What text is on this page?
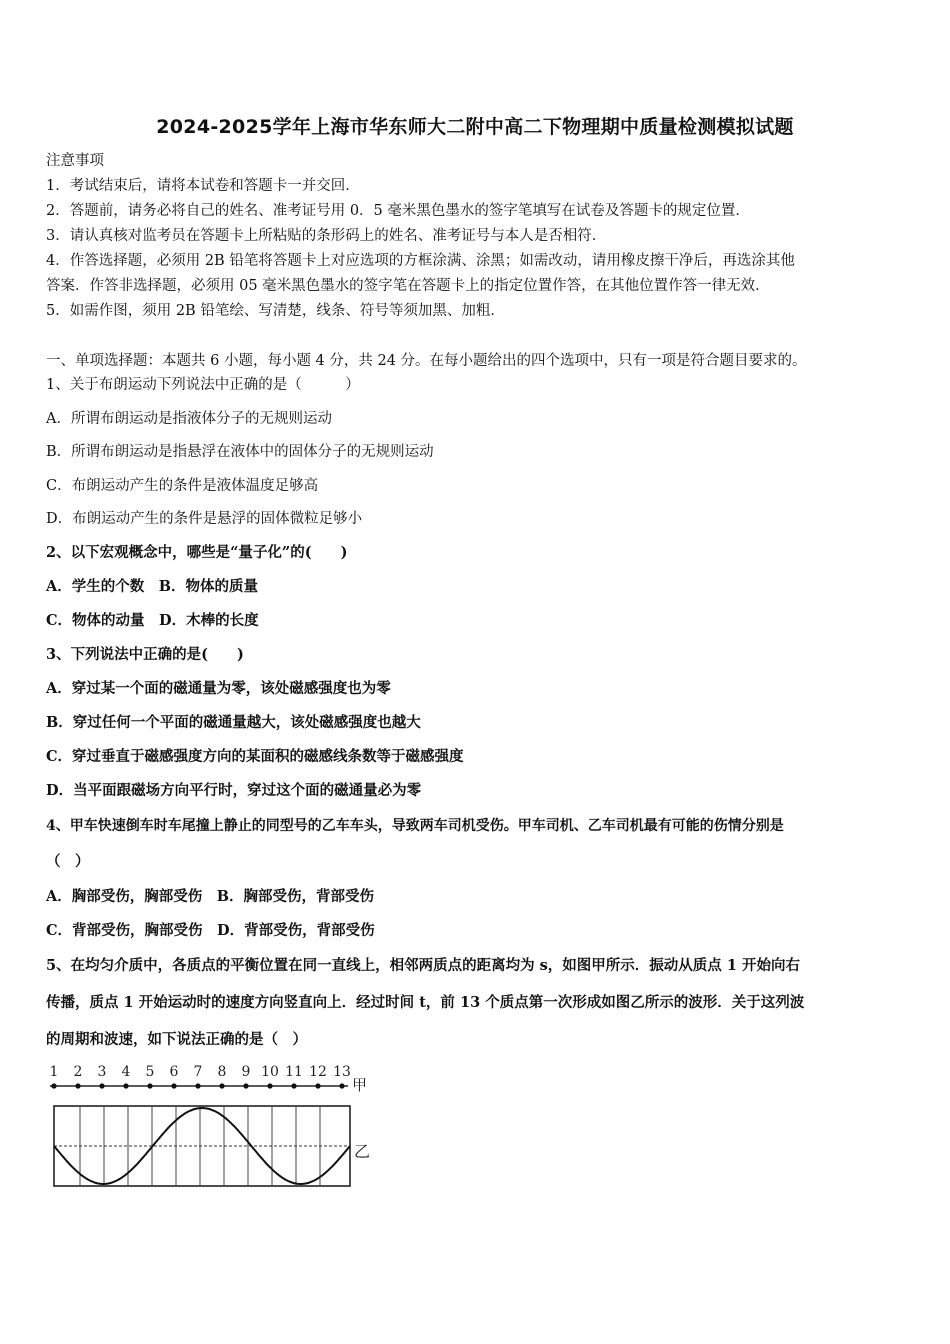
2024-2025学年上海市华东师大二附中高二下物理期中质量检测模拟试题
注意事项
1．考试结束后，请将本试卷和答题卡一并交回．
2．答题前，请务必将自己的姓名、准考证号用 0．5 毫米黑色墨水的签字笔填写在试卷及答题卡的规定位置．
3．请认真核对监考员在答题卡上所粘贴的条形码上的姓名、准考证号与本人是否相符．
4．作答选择题，必须用 2B 铅笔将答题卡上对应选项的方框涂满、涂黑；如需改动，请用橡皮擦干净后，再选涂其他
答案．作答非选择题，必须用 05 毫米黑色墨水的签字笔在答题卡上的指定位置作答，在其他位置作答一律无效．
5．如需作图，须用 2B 铅笔绘、写清楚，线条、符号等须加黑、加粗．
一、单项选择题：本题共 6 小题，每小题 4 分，共 24 分。在每小题给出的四个选项中，只有一项是符合题目要求的。
1、关于布朗运动下列说法中正确的是（　　　）
A．所谓布朗运动是指液体分子的无规则运动
B．所谓布朗运动是指悬浮在液体中的固体分子的无规则运动
C．布朗运动产生的条件是液体温度足够高
D．布朗运动产生的条件是悬浮的固体微粒足够小
2、以下宏观概念中，哪些是“量子化”的(　　)
A．学生的个数　B．物体的质量
C．物体的动量　D．木棒的长度
3、下列说法中正确的是(　　)
A．穿过某一个面的磁通量为零，该处磁感强度也为零
B．穿过任何一个平面的磁通量越大，该处磁感强度也越大
C．穿过垂直于磁感强度方向的某面积的磁感线条数等于磁感强度
D．当平面跟磁场方向平行时，穿过这个面的磁通量必为零
4、甲车快速倒车时车尾撞上静止的同型号的乙车车头，导致两车司机受伤。甲车司机、乙车司机最有可能的伤情分别是
（　）
A．胸部受伤，胸部受伤　B．胸部受伤，背部受伤
C．背部受伤，胸部受伤　D．背部受伤，背部受伤
5、在均匀介质中，各质点的平衡位置在同一直线上，相邻两质点的距离均为 s，如图甲所示．振动从质点 1 开始向右
传播，质点 1 开始运动时的速度方向竖直向上．经过时间 t，前 13 个质点第一次形成如图乙所示的波形．关于这列波
的周期和波速，如下说法正确的是（　）
1 2 3 4 5 6 7 8 9 10 11 12 13
甲
乙
